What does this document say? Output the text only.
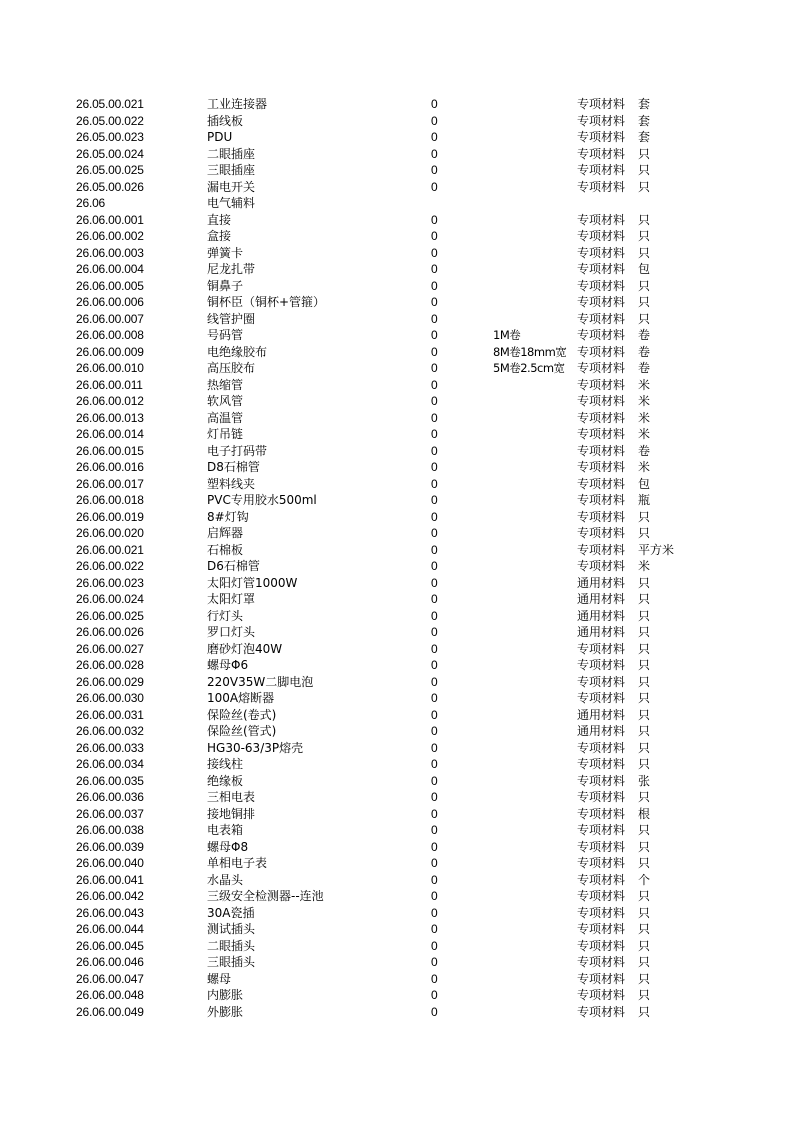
26.05.00.021	工业连接器	0	专项材料 套
26.05.00.022	插线板	0	专项材料 套
26.05.00.023	PDU	0	专项材料 套
26.05.00.024	二眼插座	0	专项材料 只
26.05.00.025	三眼插座	0	专项材料 只
26.05.00.026	漏电开关	0	专项材料 只
26.06	电气辅料
26.06.00.001	直接	0	专项材料 只
26.06.00.002	盒接	0	专项材料 只
26.06.00.003	弹簧卡	0	专项材料 只
26.06.00.004	尼龙扎带	0	专项材料 包
26.06.00.005	铜鼻子	0	专项材料 只
26.06.00.006	铜杯臣（铜杯+管箍）	0	专项材料 只
26.06.00.007	线管护圈	0	专项材料 只
26.06.00.008	号码管	0	1M卷	专项材料 卷
26.06.00.009	电绝缘胶布	0	8M卷18mm宽 专项材料 卷
26.06.00.010	高压胶布	0	5M卷2.5cm宽 专项材料 卷
26.06.00.011	热缩管	0	专项材料 米
26.06.00.012	软风管	0	专项材料 米
26.06.00.013	高温管	0	专项材料 米
26.06.00.014	灯吊链	0	专项材料 米
26.06.00.015	电子打码带	0	专项材料 卷
26.06.00.016	D8石棉管	0	专项材料 米
26.06.00.017	塑料线夹	0	专项材料 包
26.06.00.018	PVC专用胶水500ml	0	专项材料 瓶
26.06.00.019	8#灯钩	0	专项材料 只
26.06.00.020	启辉器	0	专项材料 只
26.06.00.021	石棉板	0	专项材料 平方米
26.06.00.022	D6石棉管	0	专项材料 米
26.06.00.023	太阳灯管1000W	0	通用材料 只
26.06.00.024	太阳灯罩	0	通用材料 只
26.06.00.025	行灯头	0	通用材料 只
26.06.00.026	罗口灯头	0	通用材料 只
26.06.00.027	磨砂灯泡40W	0	专项材料 只
26.06.00.028	螺母Φ6	0	专项材料 只
26.06.00.029	220V35W二脚电泡	0	专项材料 只
26.06.00.030	100A熔断器	0	专项材料 只
26.06.00.031	保险丝(卷式)	0	通用材料 只
26.06.00.032	保险丝(管式)	0	通用材料 只
26.06.00.033	HG30-63/3P熔壳	0	专项材料 只
26.06.00.034	接线柱	0	专项材料 只
26.06.00.035	绝缘板	0	专项材料 张
26.06.00.036	三相电表	0	专项材料 只
26.06.00.037	接地铜排	0	专项材料 根
26.06.00.038	电表箱	0	专项材料 只
26.06.00.039	螺母Φ8	0	专项材料 只
26.06.00.040	单相电子表	0	专项材料 只
26.06.00.041	水晶头	0	专项材料 个
26.06.00.042	三级安全检测器--连池	0	专项材料 只
26.06.00.043	30A瓷插	0	专项材料 只
26.06.00.044	测试插头	0	专项材料 只
26.06.00.045	二眼插头	0	专项材料 只
26.06.00.046	三眼插头	0	专项材料 只
26.06.00.047	螺母	0	专项材料 只
26.06.00.048	内膨胀	0	专项材料 只
26.06.00.049	外膨胀	0	专项材料 只
